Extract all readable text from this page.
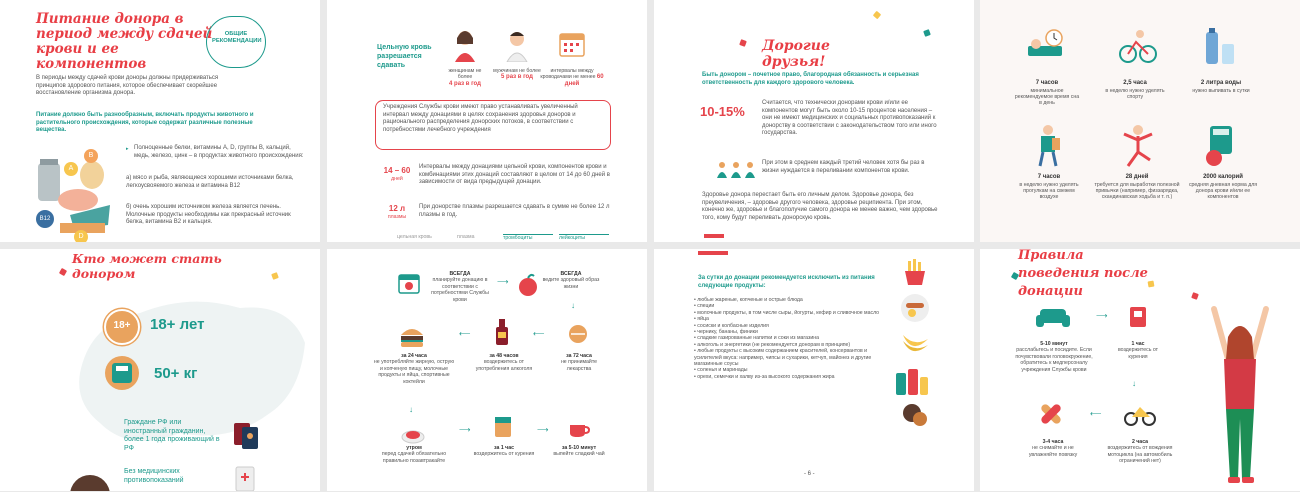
Питание донора в период между сдачей крови и ее компонентов
ОБЩИЕ РЕКОМЕНДАЦИИ
В периоды между сдачей крови доноры должны придерживаться принципов здорового питания, которое обеспечивает скорейшее восстановление организма донора.
Питание должно быть разнообразным, включать продукты животного и растительного происхождения, которые содержат различные полезные вещества.
B
A
B12
D
▸ Полноценные белки, витамины А, D, группы В, кальций, медь, железо, цинк – в продуктах животного происхождения:
а) мясо и рыба, являющиеся хорошими источниками белка, легкоусвояемого железа и витамина B12
б) очень хорошим источником железа является печень. Молочные продукты необходимы как прекрасный источник белка, витамина B2 и кальция.
Цельную кровь разрешается сдавать
женщинам не более
4 раз в год
мужчинам не более
5 раз в год
интервалы между кроводачами не менее 60 дней
Учреждения Службы крови имеют право устанавливать увеличенный интервал между донациями в целях сохранения здоровья доноров и рационального распределения донорских потоков, в соответствии с потребностями лечебного учреждения
14 – 60
дней
Интервалы между донациями цельной крови, компонентов крови и комбинациями этих донаций составляют в целом от 14 до 60 дней в зависимости от вида предыдущей донации.
12 л
плазмы
При донорстве плазмы разрешается сдавать в сумме не более 12 л плазмы в год.
цельная кровь	плазма	тромбоциты	лейкоциты
Дорогие друзья!
Быть донором – почетное право, благородная обязанность и серьезная ответственность для каждого здорового человека.
10-15%
Считается, что технически донорами крови и/или ее компонентов могут быть около 10-15 процентов населения – они не имеют медицинских и социальных противопоказаний к донорству в соответствии с законодательством того или иного государства.
При этом в среднем каждый третий человек хотя бы раз в жизни нуждается в переливании компонентов крови.
Здоровье донора перестает быть его личным делом. Здоровье донора, без преувеличения, – здоровье другого человека, здоровье реципиента. При этом, конечно же, здоровье и благополучие самого донора не менее важно, чем здоровье того, кому будут переливать донорскую кровь.
7 часов
минимальное рекомендуемое время сна в день
2,5 часа
в неделю нужно уделять спорту
2 литра воды
нужно выпивать в сутки
7 часов
в неделю нужно уделять прогулкам на свежем воздухе
28 дней
требуется для выработки полезной привычки (например, физзарядка, скандинавская ходьба и т. п.)
2000 калорий
средняя дневная норма для донора крови и/или ее компонентов
Кто может стать донором
18+	18+ лет
50+ кг
Граждане РФ или иностранный гражданин, более 1 года проживающий в РФ
Без медицинских противопоказаний
ВСЕГДА
планируйте донацию в соответствии с потребностями Службы крови
ВСЕГДА
ведите здоровый образ жизни
⟶
↓
за 24 часа
не употребляйте жирную, острую и копченую пищу, молочные продукты и яйца, спортивные коктейли
за 48 часов
воздержитесь от употребления алкоголя
за 72 часа
не принимайте лекарства
⟵	⟵
↓
утром
перед сдачей обязательно правильно позавтракайте
за 1 час
воздержитесь от курения
за 5-10 минут
выпейте сладкий чай
⟶	⟶
За сутки до донации рекомендуется исключить из питания следующие продукты:
• любые жареные, копченые и острые блюда
• специи
• молочные продукты, в том числе сыры, йогурты, кефир и сливочное масло
• яйца
• сосиски и колбасные изделия
• чернику, бананы, финики
• сладкие газированные напитки и соки из магазина
• алкоголь и энергетики (не рекомендуется донорам в принципе)
• любые продукты с высоким содержанием красителей, консервантов и усилителей вкуса: например, чипсы и сухарики, кетчуп, майонез и другие магазинные соусы
• соленья и маринады
• орехи, семечки и халву из-за высокого содержания жира
- 6 -
Правила поведения после донации
5-10 минут
расслабьтесь и посидите. Если почувствовали головокружение, обратитесь к медперсоналу учреждения Службы крови
1 час
воздержитесь от курения
⟶
↓
3-4 часа
не снимайте и не увлажняйте повязку
2 часа
воздержитесь от вождения мотоцикла (на автомобиль ограничений нет)
⟵
